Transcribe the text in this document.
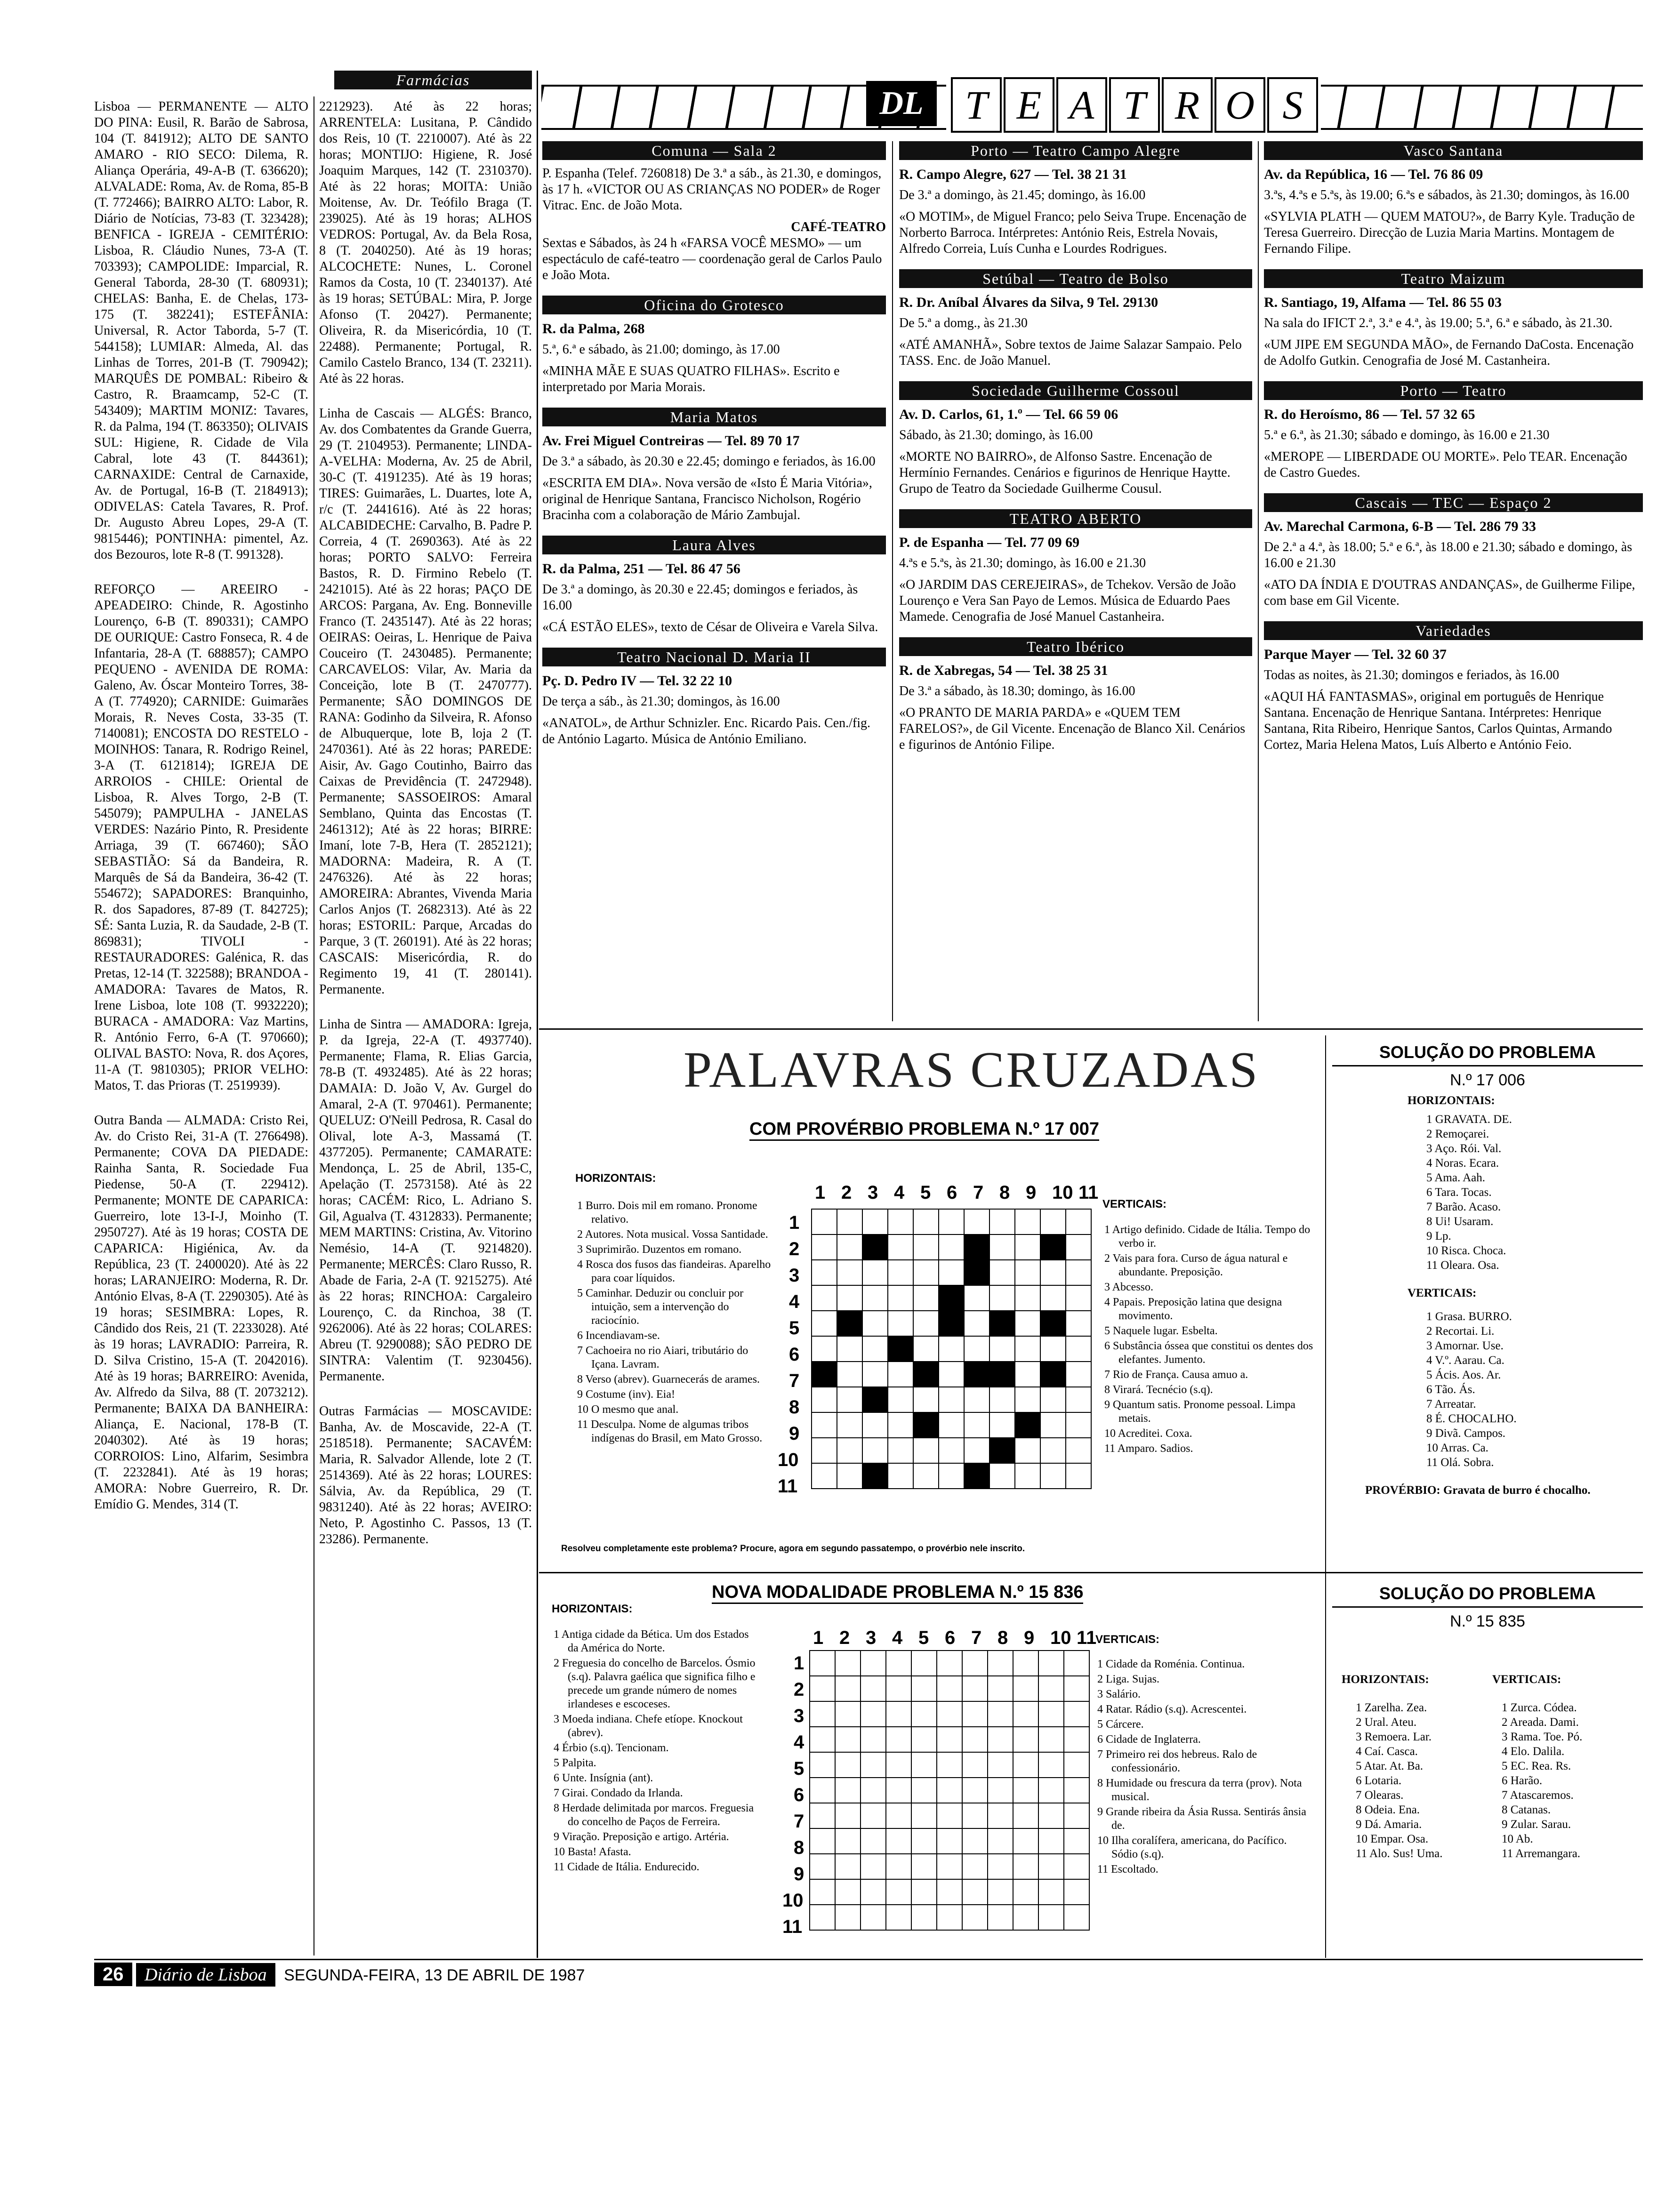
Farmácias

Lisboa — PERMANENTE — ALTO DO PINA: Eusil, R. Barão de Sabrosa, 104 (T. 841912); ALTO DE SANTO AMARO - RIO SECO: Dilema, R. Aliança Operária, 49-A-B (T. 636620); ALVALADE: Roma, Av. de Roma, 85-B (T. 772466); BAIRRO ALTO: Labor, R. Diário de Notícias, 73-83 (T. 323428); BENFICA - IGREJA - CEMITÉRIO: Lisboa, R. Cláudio Nunes, 73-A (T. 703393); CAMPOLIDE: Imparcial, R. General Taborda, 28-30 (T. 680931); CHELAS: Banha, E. de Chelas, 173-175 (T. 382241); ESTEFÂNIA: Universal, R. Actor Taborda, 5-7 (T. 544158); LUMIAR: Almeda, Al. das Linhas de Torres, 201-B (T. 790942); MARQUÊS DE POMBAL: Ribeiro & Castro, R. Braamcamp, 52-C (T. 543409); MARTIM MONIZ: Tavares, R. da Palma, 194 (T. 863350); OLIVAIS SUL: Higiene, R. Cidade de Vila Cabral, lote 43 (T. 844361); CARNAXIDE: Central de Carnaxide, Av. de Portugal, 16-B (T. 2184913); ODIVELAS: Catela Tavares, R. Prof. Dr. Augusto Abreu Lopes, 29-A (T. 9815446); PONTINHA: pimentel, Az. dos Bezouros, lote R-8 (T. 991328).

REFORÇO — AREEIRO - APEADEIRO: Chinde, R. Agostinho Lourenço, 6-B (T. 890331); CAMPO DE OURIQUE: Castro Fonseca, R. 4 de Infantaria, 28-A (T. 688857); CAMPO PEQUENO - AVENIDA DE ROMA: Galeno, Av. Óscar Monteiro Torres, 38-A (T. 774920); CARNIDE: Guimarães Morais, R. Neves Costa, 33-35 (T. 7140081); ENCOSTA DO RESTELO - MOINHOS: Tanara, R. Rodrigo Reinel, 3-A (T. 6121814); IGREJA DE ARROIOS - CHILE: Oriental de Lisboa, R. Alves Torgo, 2-B (T. 545079); PAMPULHA - JANELAS VERDES: Nazário Pinto, R. Presidente Arriaga, 39 (T. 667460); SÃO SEBASTIÃO: Sá da Bandeira, R. Marquês de Sá da Bandeira, 36-42 (T. 554672); SAPADORES: Branquinho, R. dos Sapadores, 87-89 (T. 842725); SÉ: Santa Luzia, R. da Saudade, 2-B (T. 869831); TIVOLI - RESTAURADORES: Galénica, R. das Pretas, 12-14 (T. 322588); BRANDOA - AMADORA: Tavares de Matos, R. Irene Lisboa, lote 108 (T. 9932220); BURACA - AMADORA: Vaz Martins, R. António Ferro, 6-A (T. 970660); OLIVAL BASTO: Nova, R. dos Açores, 11-A (T. 9810305); PRIOR VELHO: Matos, T. das Prioras (T. 2519939).

Outra Banda — ALMADA: Cristo Rei, Av. do Cristo Rei, 31-A (T. 2766498). Permanente; COVA DA PIEDADE: Rainha Santa, R. Sociedade Fua Piedense, 50-A (T. 229412). Permanente; MONTE DE CAPARICA: Guerreiro, lote 13-I-J, Moinho (T. 2950727). Até às 19 horas; COSTA DE CAPARICA: Higiénica, Av. da República, 23 (T. 2400020). Até às 22 horas; LARANJEIRO: Moderna, R. Dr. António Elvas, 8-A (T. 2290305). Até às 19 horas; SESIMBRA: Lopes, R. Cândido dos Reis, 21 (T. 2233028). Até às 19 horas; LAVRADIO: Parreira, R. D. Silva Cristino, 15-A (T. 2042016). Até às 19 horas; BARREIRO: Avenida, Av. Alfredo da Silva, 88 (T. 2073212). Permanente; BAIXA DA BANHEIRA: Aliança, E. Nacional, 178-B (T. 2040302). Até às 19 horas; CORROIOS: Lino, Alfarim, Sesimbra (T. 2232841). Até às 19 horas; AMORA: Nobre Guerreiro, R. Dr. Emídio G. Mendes, 314 (T.

2212923). Até às 22 horas; ARRENTELA: Lusitana, P. Cândido dos Reis, 10 (T. 2210007). Até às 22 horas; MONTIJO: Higiene, R. José Joaquim Marques, 142 (T. 2310370). Até às 22 horas; MOITA: União Moitense, Av. Dr. Teófilo Braga (T. 239025). Até às 19 horas; ALHOS VEDROS: Portugal, Av. da Bela Rosa, 8 (T. 2040250). Até às 19 horas; ALCOCHETE: Nunes, L. Coronel Ramos da Costa, 10 (T. 2340137). Até às 19 horas; SETÚBAL: Mira, P. Jorge Afonso (T. 20427). Permanente; Oliveira, R. da Misericórdia, 10 (T. 22488). Permanente; Portugal, R. Camilo Castelo Branco, 134 (T. 23211). Até às 22 horas.

Linha de Cascais — ALGÉS: Branco, Av. dos Combatentes da Grande Guerra, 29 (T. 2104953). Permanente; LINDA-A-VELHA: Moderna, Av. 25 de Abril, 30-C (T. 4191235). Até às 19 horas; TIRES: Guimarães, L. Duartes, lote A, r/c (T. 2441616). Até às 22 horas; ALCABIDECHE: Carvalho, B. Padre P. Correia, 4 (T. 2690363). Até às 22 horas; PORTO SALVO: Ferreira Bastos, R. D. Firmino Rebelo (T. 2421015). Até às 22 horas; PAÇO DE ARCOS: Pargana, Av. Eng. Bonneville Franco (T. 2435147). Até às 22 horas; OEIRAS: Oeiras, L. Henrique de Paiva Couceiro (T. 2430485). Permanente; CARCAVELOS: Vilar, Av. Maria da Conceição, lote B (T. 2470777). Permanente; SÃO DOMINGOS DE RANA: Godinho da Silveira, R. Afonso de Albuquerque, lote B, loja 2 (T. 2470361). Até às 22 horas; PAREDE: Aisir, Av. Gago Coutinho, Bairro das Caixas de Previdência (T. 2472948). Permanente; SASSOEIROS: Amaral Semblano, Quinta das Encostas (T. 2461312); Até às 22 horas; BIRRE: Imaní, lote 7-B, Hera (T. 2852121); MADORNA: Madeira, R. A (T. 2476326). Até às 22 horas; AMOREIRA: Abrantes, Vivenda Maria Carlos Anjos (T. 2682313). Até às 22 horas; ESTORIL: Parque, Arcadas do Parque, 3 (T. 260191). Até às 22 horas; CASCAIS: Misericórdia, R. do Regimento 19, 41 (T. 280141). Permanente.

Linha de Sintra — AMADORA: Igreja, P. da Igreja, 22-A (T. 4937740). Permanente; Flama, R. Elias Garcia, 78-B (T. 4932485). Até às 22 horas; DAMAIA: D. João V, Av. Gurgel do Amaral, 2-A (T. 970461). Permanente; QUELUZ: O'Neill Pedrosa, R. Casal do Olival, lote A-3, Massamá (T. 4377205). Permanente; CAMARATE: Mendonça, L. 25 de Abril, 135-C, Apelação (T. 2573158). Até às 22 horas; CACÉM: Rico, L. Adriano S. Gil, Agualva (T. 4312833). Permanente; MEM MARTINS: Cristina, Av. Vitorino Nemésio, 14-A (T. 9214820). Permanente; MERCÊS: Claro Russo, R. Abade de Faria, 2-A (T. 9215275). Até às 22 horas; RINCHOA: Cargaleiro Lourenço, C. da Rinchoa, 38 (T. 9262006). Até às 22 horas; COLARES: Abreu (T. 9290088); SÃO PEDRO DE SINTRA: Valentim (T. 9230456). Permanente.

Outras Farmácias — MOSCAVIDE: Banha, Av. de Moscavide, 22-A (T. 2518518). Permanente; SACAVÉM: Maria, R. Salvador Allende, lote 2 (T. 2514369). Até às 22 horas; LOURES: Sálvia, Av. da República, 29 (T. 9831240). Até às 22 horas; AVEIRO: Neto, P. Agostinho C. Passos, 13 (T. 23286). Permanente.

DL	T E A T R O S
Comuna — Sala 2
P. Espanha (Telef. 7260818) De 3.ª a sáb., às 21.30, e domingos, às 17 h. «VICTOR OU AS CRIANÇAS NO PODER» de Roger Vitrac. Enc. de João Mota.
CAFÉ-TEATRO
Sextas e Sábados, às 24 h «FARSA VOCÊ MESMO» — um espectáculo de café-teatro — coordenação geral de Carlos Paulo e João Mota.
Oficina do Grotesco
R. da Palma, 268
5.ª, 6.ª e sábado, às 21.00; domingo, às 17.00
«MINHA MÃE E SUAS QUATRO FILHAS». Escrito e interpretado por Maria Morais.
Maria Matos
Av. Frei Miguel Contreiras — Tel. 89 70 17
De 3.ª a sábado, às 20.30 e 22.45; domingo e feriados, às 16.00
«ESCRITA EM DIA». Nova versão de «Isto É Maria Vitória», original de Henrique Santana, Francisco Nicholson, Rogério Bracinha com a colaboração de Mário Zambujal.
Laura Alves
R. da Palma, 251 — Tel. 86 47 56
De 3.ª a domingo, às 20.30 e 22.45; domingos e feriados, às 16.00
«CÁ ESTÃO ELES», texto de César de Oliveira e Varela Silva.
Teatro Nacional D. Maria II
Pç. D. Pedro IV — Tel. 32 22 10
De terça a sáb., às 21.30; domingos, às 16.00
«ANATOL», de Arthur Schnizler. Enc. Ricardo Pais. Cen./fig. de António Lagarto. Música de António Emiliano.
Porto — Teatro Campo Alegre
R. Campo Alegre, 627 — Tel. 38 21 31
De 3.ª a domingo, às 21.45; domingo, às 16.00
«O MOTIM», de Miguel Franco; pelo Seiva Trupe. Encenação de Norberto Barroca. Intérpretes: António Reis, Estrela Novais, Alfredo Correia, Luís Cunha e Lourdes Rodrigues.
Setúbal — Teatro de Bolso
R. Dr. Aníbal Álvares da Silva, 9 Tel. 29130
De 5.ª a domg., às 21.30
«ATÉ AMANHÃ», Sobre textos de Jaime Salazar Sampaio. Pelo TASS. Enc. de João Manuel.
Sociedade Guilherme Cossoul
Av. D. Carlos, 61, 1.º — Tel. 66 59 06
Sábado, às 21.30; domingo, às 16.00
«MORTE NO BAIRRO», de Alfonso Sastre. Encenação de Hermínio Fernandes. Cenários e figurinos de Henrique Haytte. Grupo de Teatro da Sociedade Guilherme Cousul.
TEATRO ABERTO
P. de Espanha — Tel. 77 09 69
4.ªs e 5.ªs, às 21.30; domingo, às 16.00 e 21.30
«O JARDIM DAS CEREJEIRAS», de Tchekov. Versão de João Lourenço e Vera San Payo de Lemos. Música de Eduardo Paes Mamede. Cenografia de José Manuel Castanheira.
Teatro Ibérico
R. de Xabregas, 54 — Tel. 38 25 31
De 3.ª a sábado, às 18.30; domingo, às 16.00
«O PRANTO DE MARIA PARDA» e «QUEM TEM FARELOS?», de Gil Vicente. Encenação de Blanco Xil. Cenários e figurinos de António Filipe.
Vasco Santana
Av. da República, 16 — Tel. 76 86 09
3.ªs, 4.ªs e 5.ªs, às 19.00; 6.ªs e sábados, às 21.30; domingos, às 16.00
«SYLVIA PLATH — QUEM MATOU?», de Barry Kyle. Tradução de Teresa Guerreiro. Direcção de Luzia Maria Martins. Montagem de Fernando Filipe.
Teatro Maizum
R. Santiago, 19, Alfama — Tel. 86 55 03
Na sala do IFICT 2.ª, 3.ª e 4.ª, às 19.00; 5.ª, 6.ª e sábado, às 21.30.
«UM JIPE EM SEGUNDA MÃO», de Fernando DaCosta. Encenação de Adolfo Gutkin. Cenografia de José M. Castanheira.
Porto — Teatro
R. do Heroísmo, 86 — Tel. 57 32 65
5.ª e 6.ª, às 21.30; sábado e domingo, às 16.00 e 21.30
«MEROPE — LIBERDADE OU MORTE». Pelo TEAR. Encenação de Castro Guedes.
Cascais — TEC — Espaço 2
Av. Marechal Carmona, 6-B — Tel. 286 79 33
De 2.ª a 4.ª, às 18.00; 5.ª e 6.ª, às 18.00 e 21.30; sábado e domingo, às 16.00 e 21.30
«ATO DA ÍNDIA E D'OUTRAS ANDANÇAS», de Guilherme Filipe, com base em Gil Vicente.
Variedades
Parque Mayer — Tel. 32 60 37
Todas as noites, às 21.30; domingos e feriados, às 16.00
«AQUI HÁ FANTASMAS», original em português de Henrique Santana. Encenação de Henrique Santana. Intérpretes: Henrique Santana, Rita Ribeiro, Henrique Santos, Carlos Quintas, Armando Cortez, Maria Helena Matos, Luís Alberto e António Feio.
PALAVRAS CRUZADAS
COM PROVÉRBIO PROBLEMA N.º 17 007
HORIZONTAIS:
1 Burro. Dois mil em romano. Pronome relativo.
2 Autores. Nota musical. Vossa Santidade.
3 Suprimirão. Duzentos em romano.
4 Rosca dos fusos das fiandeiras. Aparelho para coar líquidos.
5 Caminhar. Deduzir ou concluir por intuição, sem a intervenção do raciocínio.
6 Incendiavam-se.
7 Cachoeira no rio Aiari, tributário do Içana. Lavram.
8 Verso (abrev). Guarnecerás de arames.
9 Costume (inv). Eia!
10 O mesmo que anal.
11 Desculpa. Nome de algumas tribos indígenas do Brasil, em Mato Grosso.
1 2 3 4 5 6 7 8 9 10 11
1
2
3
4
5
6
7
8
9
10
11

VERTICAIS:
1 Artigo definido. Cidade de Itália. Tempo do verbo ir.
2 Vais para fora. Curso de água natural e abundante. Preposição.
3 Abcesso.
4 Papais. Preposição latina que designa movimento.
5 Naquele lugar. Esbelta.
6 Substância óssea que constitui os dentes dos elefantes. Jumento.
7 Rio de França. Causa amuo a.
8 Virará. Tecnécio (s.q).
9 Quantum satis. Pronome pessoal. Limpa metais.
10 Acreditei. Coxa.
11 Amparo. Sadios.
Resolveu completamente este problema? Procure, agora em segundo passatempo, o provérbio nele inscrito.
SOLUÇÃO DO PROBLEMA
N.º 17 006
HORIZONTAIS:
1 GRAVATA. DE.
2 Remoçarei.
3 Aço. Rói. Val.
4 Noras. Ecara.
5 Ama. Aah.
6 Tara. Tocas.
7 Barão. Acaso.
8 Ui! Usaram.
9 Lp.
10 Risca. Choca.
11 Oleara. Osa.
VERTICAIS:
1 Grasa. BURRO.
2 Recortai. Li.
3 Amornar. Use.
4 V.º. Aarau. Ca.
5 Ácis. Aos. Ar.
6 Tão. Ás.
7 Arreatar.
8 É. CHOCALHO.
9 Divã. Campos.
10 Arras. Ca.
11 Olá. Sobra.
PROVÉRBIO: Gravata de burro é chocalho.
NOVA MODALIDADE PROBLEMA N.º 15 836
HORIZONTAIS:
1 Antiga cidade da Bética. Um dos Estados da América do Norte.
2 Freguesia do concelho de Barcelos. Ósmio (s.q). Palavra gaélica que significa filho e precede um grande número de nomes irlandeses e escoceses.
3 Moeda indiana. Chefe etíope. Knockout (abrev).
4 Érbio (s.q). Tencionam.
5 Palpita.
6 Unte. Insígnia (ant).
7 Girai. Condado da Irlanda.
8 Herdade delimitada por marcos. Freguesia do concelho de Paços de Ferreira.
9 Viração. Preposição e artigo. Artéria.
10 Basta! Afasta.
11 Cidade de Itália. Endurecido.
1 2 3 4 5 6 7 8 9 10 11
1
2
3
4
5
6
7
8
9
10
11

VERTICAIS:
1 Cidade da Roménia. Continua.
2 Liga. Sujas.
3 Salário.
4 Ratar. Rádio (s.q). Acrescentei.
5 Cárcere.
6 Cidade de Inglaterra.
7 Primeiro rei dos hebreus. Ralo de confessionário.
8 Humidade ou frescura da terra (prov). Nota musical.
9 Grande ribeira da Ásia Russa. Sentirás ânsia de.
10 Ilha coralífera, americana, do Pacífico. Sódio (s.q).
11 Escoltado.
SOLUÇÃO DO PROBLEMA
N.º 15 835
HORIZONTAIS:
1 Zarelha. Zea.
2 Ural. Ateu.
3 Remoera. Lar.
4 Caí. Casca.
5 Atar. At. Ba.
6 Lotaria.
7 Olearas.
8 Odeia. Ena.
9 Dá. Amaria.
10 Empar. Osa.
11 Alo. Sus! Uma.
VERTICAIS:
1 Zurca. Códea.
2 Areada. Dami.
3 Rama. Toe. Pó.
4 Elo. Dalila.
5 EC. Rea. Rs.
6 Harão.
7 Atascaremos.
8 Catanas.
9 Zular. Sarau.
10 Ab.
11 Arremangara.
26 Diário de Lisboa SEGUNDA-FEIRA, 13 DE ABRIL DE 1987
